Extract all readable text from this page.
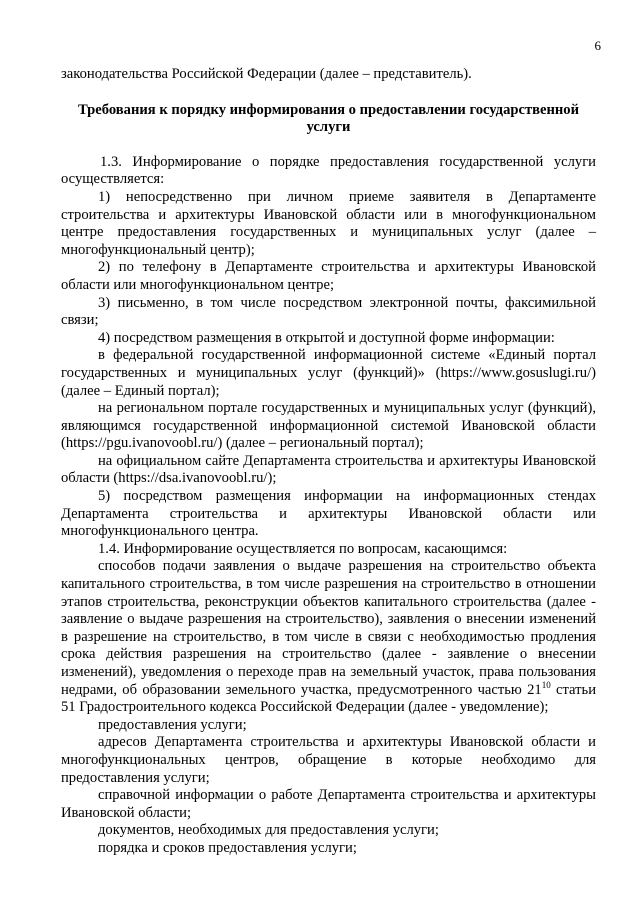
6

законодательства Российской Федерации (далее – представитель).

Требования к порядку информирования о предоставлении государственной услуги

1.3. Информирование о порядке предоставления государственной услуги осуществляется:

1) непосредственно при личном приеме заявителя в Департаменте строительства и архитектуры Ивановской области или в многофункциональном центре предоставления государственных и муниципальных услуг (далее – многофункциональный центр);

2) по телефону в Департаменте строительства и архитектуры Ивановской области или многофункциональном центре;

3) письменно, в том числе посредством электронной почты, факсимильной связи;

4) посредством размещения в открытой и доступной форме информации:

в федеральной государственной информационной системе «Единый портал государственных и муниципальных услуг (функций)» (https://www.gosuslugi.ru/) (далее – Единый портал);

на региональном портале государственных и муниципальных услуг (функций), являющимся государственной информационной системой Ивановской области (https://pgu.ivanovoobl.ru/) (далее – региональный портал);

на официальном сайте Департамента строительства и архитектуры Ивановской области (https://dsa.ivanovoobl.ru/);

5) посредством размещения информации на информационных стендах Департамента строительства и архитектуры Ивановской области или многофункционального центра.

1.4. Информирование осуществляется по вопросам, касающимся:

способов подачи заявления о выдаче разрешения на строительство объекта капитального строительства, в том числе разрешения на строительство в отношении этапов строительства, реконструкции объектов капитального строительства (далее - заявление о выдаче разрешения на строительство), заявления о внесении изменений в разрешение на строительство, в том числе в связи с необходимостью продления срока действия разрешения на строительство (далее - заявление о внесении изменений), уведомления о переходе прав на земельный участок, права пользования недрами, об образовании земельного участка, предусмотренного частью $21^{10}$ статьи 51 Градостроительного кодекса Российской Федерации (далее - уведомление);

предоставления услуги;

адресов Департамента строительства и архитектуры Ивановской области и многофункциональных центров, обращение в которые необходимо для предоставления услуги;

справочной информации о работе Департамента строительства и архитектуры Ивановской области;

документов, необходимых для предоставления услуги;

порядка и сроков предоставления услуги;
